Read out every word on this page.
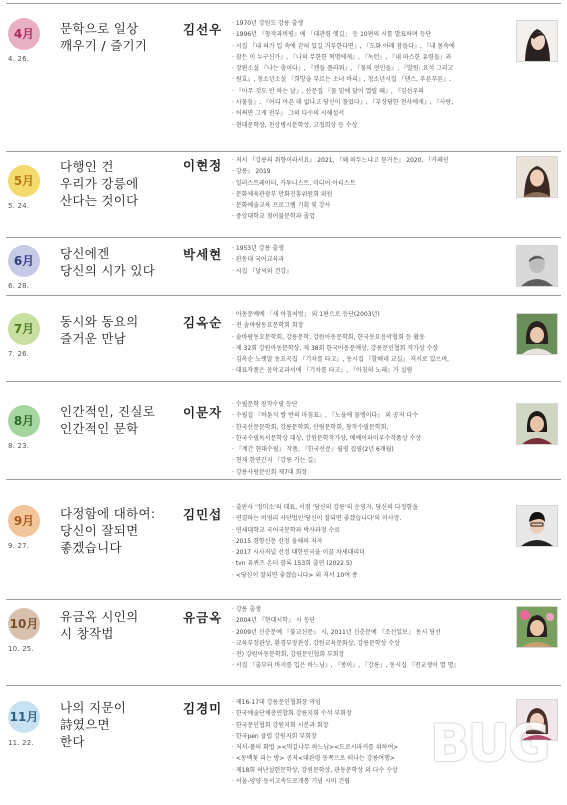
4月
4. 26.
문학으로 일상
깨우기 / 즐기기
김선우	· 1970년 강원도 강릉 출생
· 1996년 『창작과비평』에 「대관령 옛길」 등 10편의 시를 발표하며 등단
· 시집 『내 혀가 입 속에 갇혀 있길 거부한다면』, 『도화 아래 잠들다』, 『내 몸속에
· 잠든 이 누구신가』, 『나의 무한한 혁명에게』, 『녹턴』, 『내 따스한 유령들』과
· 장편소설 『나는 춤이다』, 『캔들 플라워』, 『물의 연인들』, 『발원: 요석 그리고
· 원효』, 청소년소설 『희망을 부르는 소녀 바리』, 청소년시집 『댄스, 푸른푸른』,
· 『아무 것도 안 하는 날』, 산문집 『물 밑에 달이 열릴 때』, 『김선우의
· 사물들』, 『어디 아픈 데 없냐고 당신이 물었다』, 『부상당한 천사에게』, 『사랑,
· 어쩌면 그게 전부』 그의 다수의 시해설서
· 현대문학상, 천상병시문학상, 고정희상 등 수상
5月
5. 24.
다행인 건
우리가 강릉에
산다는 것이다
이현정	· 저서 『강릉의 취향이라서요』 2021, 『왜 떠두느냐고 묻거든』 2020, 『카페인
· 강릉』 2019
· 일러스트레이터, 카투니스트, 미디어 아티스트
· 문화체육관광부 만화진흥위원회 위원
· 문화예술교육 프로그램 기획 및 강사
· 중앙대학교 첨어불문학과 졸업
6月
6. 28.
당신에겐
당신의 시가 있다
박세현	· 1953년 강릉 출생
· 관동대 국어교육과
· 시집 『날씨와 건강』
7月
7. 26.
동시와 동요의
즐거운 만남
김옥순
· 아동문예에 「새 아침처럼」 외 1편으로 등단(2003년)
· 전 솔바람동요문학회 회장
· 솔바람동요문학회, 강릉문학, 강원아동문학회, 한국동요음악협회 등 활동
· 제 32회 강원아동문학상, 제 38회 한국아동문예상, 강릉문인협회 작가상 수상
· 김옥순 노랫말 동요곡집 『기차를 타고』, 동시집 『할배네 교실』 저서로 있으며,
· 대표작품은 음악교과서에 『기차를 타고』, 『아침의 노래』가 실림
8月
8. 23.
인간적인, 진실로
인간적인 문학
이문자
· 수필문학 창작수필 등단
· 수필집 『바툰식 쌀 반의 마침표』, 『노을에 물앵이다』 외 공저 다수
· 한국산문문학회, 강릉문학회, 산림문학회, 창작수필문학회,
· 한국수필독서문학상 대상, 강원문학작가상, 예예이파이우수작품상 수상
· 『계간 현대수필』 작품, 『한국산문』월평 집필(2년 6개월)
· 현재 한연간지 『강릉 가는 길』
· 강릉사랑문인회 제7대 회장
9月
9. 27.
다정함에 대하여:
당신이 잘되면
좋겠습니다
김민섭	· 출판사 '정미소'의 대표, 서점 '당신의 강릉'의 운영자, 당신의 다정함을
· 연결하는 비영리 사단법인'당신이 잘되면 좋겠습니다'의 이사장.
· 연세대학교 국어국문학과 박사과정 수료
· 2015 경향신문 선정 올해의 저자
· 2017 시사저널 선정 대한민국을 이끌 차세대리더
· tvn 유퀴즈 온더 블록 153회 출연 (2022.5)
· <당신이 잘되면 좋겠습니다> 외 저서 10여 종
10月
10. 25.
유금옥 시인의
시 창작법
유금옥
· 강릉 출생
· 2004년 『현대시학』 시 등단
· 2009년 신춘문예 『불교신문』 시, 2011년 신춘문예 『조선일보』 동시 당선
· 교육부장관상, 환경부장관상, 강원교육문화상, 강릉문학상 수상
· 전) 강원아동문학회, 강원문인협회 부회장
· 시집 『출부터 바지를 입은 하느님』, 『종이』, 『강릉』, 동시집 『전교생이 열 명』
11月
11. 22.
나의 지문이
詩였으면
한다
김경미	· 제16-17대 강릉문인협회장 역임
· 한국예술단체총연합회 강릉지회 수석 부회장
· 한국문인협회 강원지회 시분과 회장
· 한국pen 클럽 강원지회 부회장
· 저서-풀의 화법 ><먹갈나무 하느님><도로시파커를 위하여>
· <동백꽃 피는 방> 공저<대관령 동쪽으로 떠나는 강릉여행>
· 제18회 허난설헌문학상, 강원문학상, 관동문학상 외 다수 수상
· 서울-양양 동서고속도로개통 기념 시비 건립
BUG
